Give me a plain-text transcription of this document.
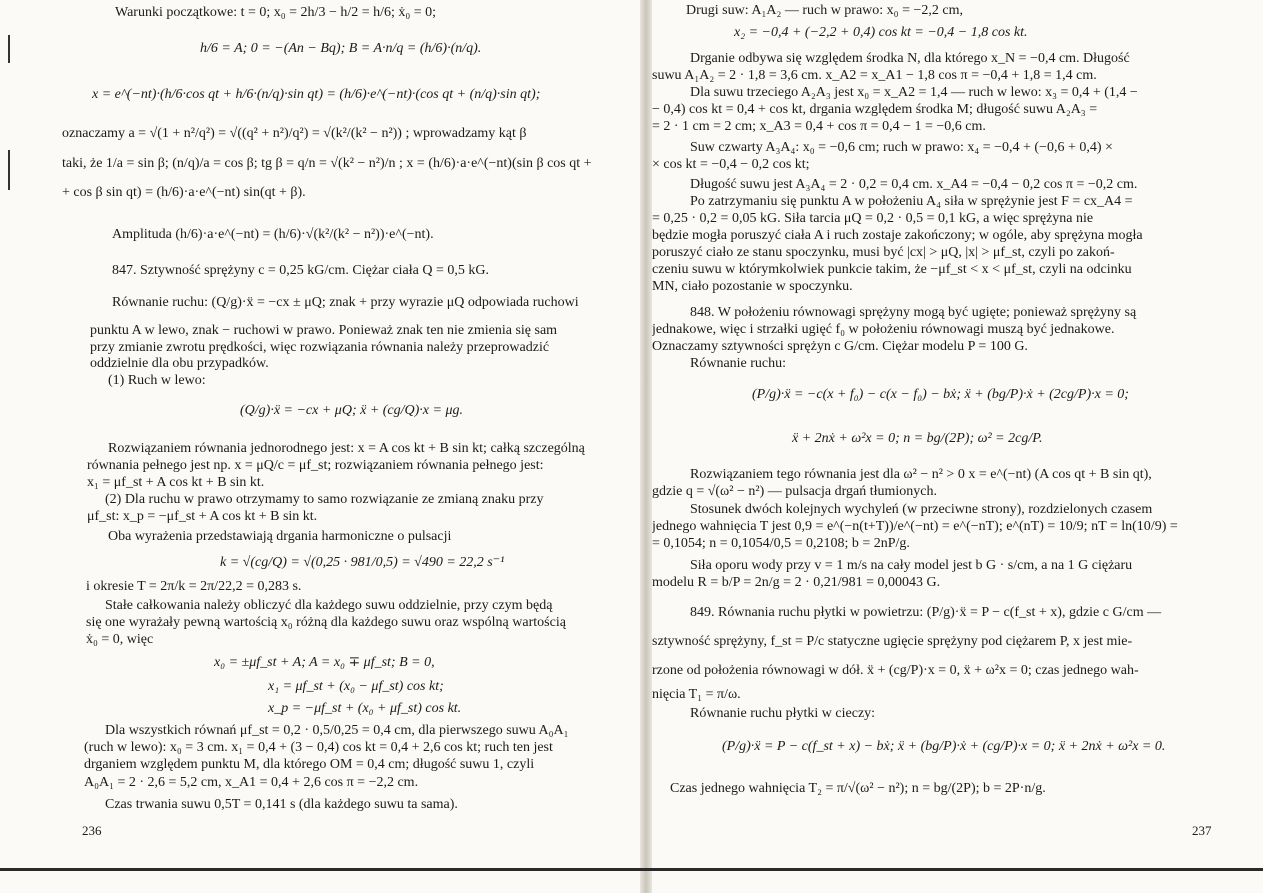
Warunki początkowe: t = 0; x₀ = 2h/3 − h/2 = h/6; ẋ₀ = 0;
h/6 = A; 0 = −(An − Bq); B = A·n/q = (h/6)·(n/q).
x = e^(−nt)·(h/6·cos qt + h/6·(n/q)·sin qt) = (h/6)·e^(−nt)·(cos qt + (n/q)·sin qt);
oznaczamy a = √(1 + n²/q²) = √((q² + n²)/q²) = √(k²/(k² − n²)) ; wprowadzamy kąt β
taki, że 1/a = sin β; (n/q)/a = cos β; tg β = q/n = √(k² − n²)/n ; x = (h/6)·a·e^(−nt)(sin β cos qt +
+ cos β sin qt) = (h/6)·a·e^(−nt) sin(qt + β).
Amplituda (h/6)·a·e^(−nt) = (h/6)·√(k²/(k² − n²))·e^(−nt).
847. Sztywność sprężyny c = 0,25 kG/cm. Ciężar ciała Q = 0,5 kG.
Równanie ruchu: (Q/g)·ẍ = −cx ± μQ; znak + przy wyrazie μQ odpowiada ruchowi
punktu A w lewo, znak − ruchowi w prawo. Ponieważ znak ten nie zmienia się sam
przy zmianie zwrotu prędkości, więc rozwiązania równania należy przeprowadzić
oddzielnie dla obu przypadków.
(1) Ruch w lewo:
(Q/g)·ẍ = −cx + μQ; ẍ + (cg/Q)·x = μg.
Rozwiązaniem równania jednorodnego jest: x = A cos kt + B sin kt; całką szczególną
równania pełnego jest np. x = μQ/c = μf_st; rozwiązaniem równania pełnego jest:
x₁ = μf_st + A cos kt + B sin kt.
(2) Dla ruchu w prawo otrzymamy to samo rozwiązanie ze zmianą znaku przy
μf_st: x_p = −μf_st + A cos kt + B sin kt.
Oba wyrażenia przedstawiają drgania harmoniczne o pulsacji
k = √(cg/Q) = √(0,25 · 981/0,5) = √490 = 22,2 s⁻¹
i okresie T = 2π/k = 2π/22,2 = 0,283 s.
Stałe całkowania należy obliczyć dla każdego suwu oddzielnie, przy czym będą
się one wyrażały pewną wartością x₀ różną dla każdego suwu oraz wspólną wartością
ẋ₀ = 0, więc
x₀ = ±μf_st + A; A = x₀ ∓ μf_st; B = 0,
x₁ = μf_st + (x₀ − μf_st) cos kt;
x_p = −μf_st + (x₀ + μf_st) cos kt.
Dla wszystkich równań μf_st = 0,2 · 0,5/0,25 = 0,4 cm, dla pierwszego suwu A₀A₁
(ruch w lewo): x₀ = 3 cm. x₁ = 0,4 + (3 − 0,4) cos kt = 0,4 + 2,6 cos kt; ruch ten jest
drganiem względem punktu M, dla którego OM = 0,4 cm; długość suwu 1, czyli
A₀A₁ = 2 · 2,6 = 5,2 cm, x_A1 = 0,4 + 2,6 cos π = −2,2 cm.
Czas trwania suwu 0,5T = 0,141 s (dla każdego suwu ta sama).
236
Drugi suw: A₁A₂ — ruch w prawo: x₀ = −2,2 cm,
x₂ = −0,4 + (−2,2 + 0,4) cos kt = −0,4 − 1,8 cos kt.
Drganie odbywa się względem środka N, dla którego x_N = −0,4 cm. Długość
suwu A₁A₂ = 2 · 1,8 = 3,6 cm. x_A2 = x_A1 − 1,8 cos π = −0,4 + 1,8 = 1,4 cm.
Dla suwu trzeciego A₂A₃ jest x₀ = x_A2 = 1,4 — ruch w lewo: x₃ = 0,4 + (1,4 −
− 0,4) cos kt = 0,4 + cos kt, drgania względem środka M; długość suwu A₂A₃ =
= 2 · 1 cm = 2 cm; x_A3 = 0,4 + cos π = 0,4 − 1 = −0,6 cm.
Suw czwarty A₃A₄: x₀ = −0,6 cm; ruch w prawo: x₄ = −0,4 + (−0,6 + 0,4) ×
× cos kt = −0,4 − 0,2 cos kt;
Długość suwu jest A₃A₄ = 2 · 0,2 = 0,4 cm. x_A4 = −0,4 − 0,2 cos π = −0,2 cm.
Po zatrzymaniu się punktu A w położeniu A₄ siła w sprężynie jest F = cx_A4 =
= 0,25 · 0,2 = 0,05 kG. Siła tarcia μQ = 0,2 · 0,5 = 0,1 kG, a więc sprężyna nie
będzie mogła poruszyć ciała A i ruch zostaje zakończony; w ogóle, aby sprężyna mogła
poruszyć ciało ze stanu spoczynku, musi być |cx| > μQ, |x| > μf_st, czyli po zakoń-
czeniu suwu w którymkolwiek punkcie takim, że −μf_st < x < μf_st, czyli na odcinku
MN, ciało pozostanie w spoczynku.
848. W położeniu równowagi sprężyny mogą być ugięte; ponieważ sprężyny są
jednakowe, więc i strzałki ugięć f₀ w położeniu równowagi muszą być jednakowe.
Oznaczamy sztywności sprężyn c G/cm. Ciężar modelu P = 100 G.
Równanie ruchu:
(P/g)·ẍ = −c(x + f₀) − c(x − f₀) − bẋ; ẍ + (bg/P)·ẋ + (2cg/P)·x = 0;
ẍ + 2nẋ + ω²x = 0; n = bg/(2P); ω² = 2cg/P.
Rozwiązaniem tego równania jest dla ω² − n² > 0 x = e^(−nt) (A cos qt + B sin qt),
gdzie q = √(ω² − n²) — pulsacja drgań tłumionych.
Stosunek dwóch kolejnych wychyleń (w przeciwne strony), rozdzielonych czasem
jednego wahnięcia T jest 0,9 = e^(−n(t+T))/e^(−nt) = e^(−nT); e^(nT) = 10/9; nT = ln(10/9) =
= 0,1054; n = 0,1054/0,5 = 0,2108; b = 2nP/g.
Siła oporu wody przy v = 1 m/s na cały model jest b G · s/cm, a na 1 G ciężaru
modelu R = b/P = 2n/g = 2 · 0,21/981 = 0,00043 G.
849. Równania ruchu płytki w powietrzu: (P/g)·ẍ = P − c(f_st + x), gdzie c G/cm —
sztywność sprężyny, f_st = P/c statyczne ugięcie sprężyny pod ciężarem P, x jest mie-
rzone od położenia równowagi w dół. ẍ + (cg/P)·x = 0, ẍ + ω²x = 0; czas jednego wah-
nięcia T₁ = π/ω.
Równanie ruchu płytki w cieczy:
(P/g)·ẍ = P − c(f_st + x) − bẋ; ẍ + (bg/P)·ẋ + (cg/P)·x = 0; ẍ + 2nẋ + ω²x = 0.
Czas jednego wahnięcia T₂ = π/√(ω² − n²); n = bg/(2P); b = 2P·n/g.
237
